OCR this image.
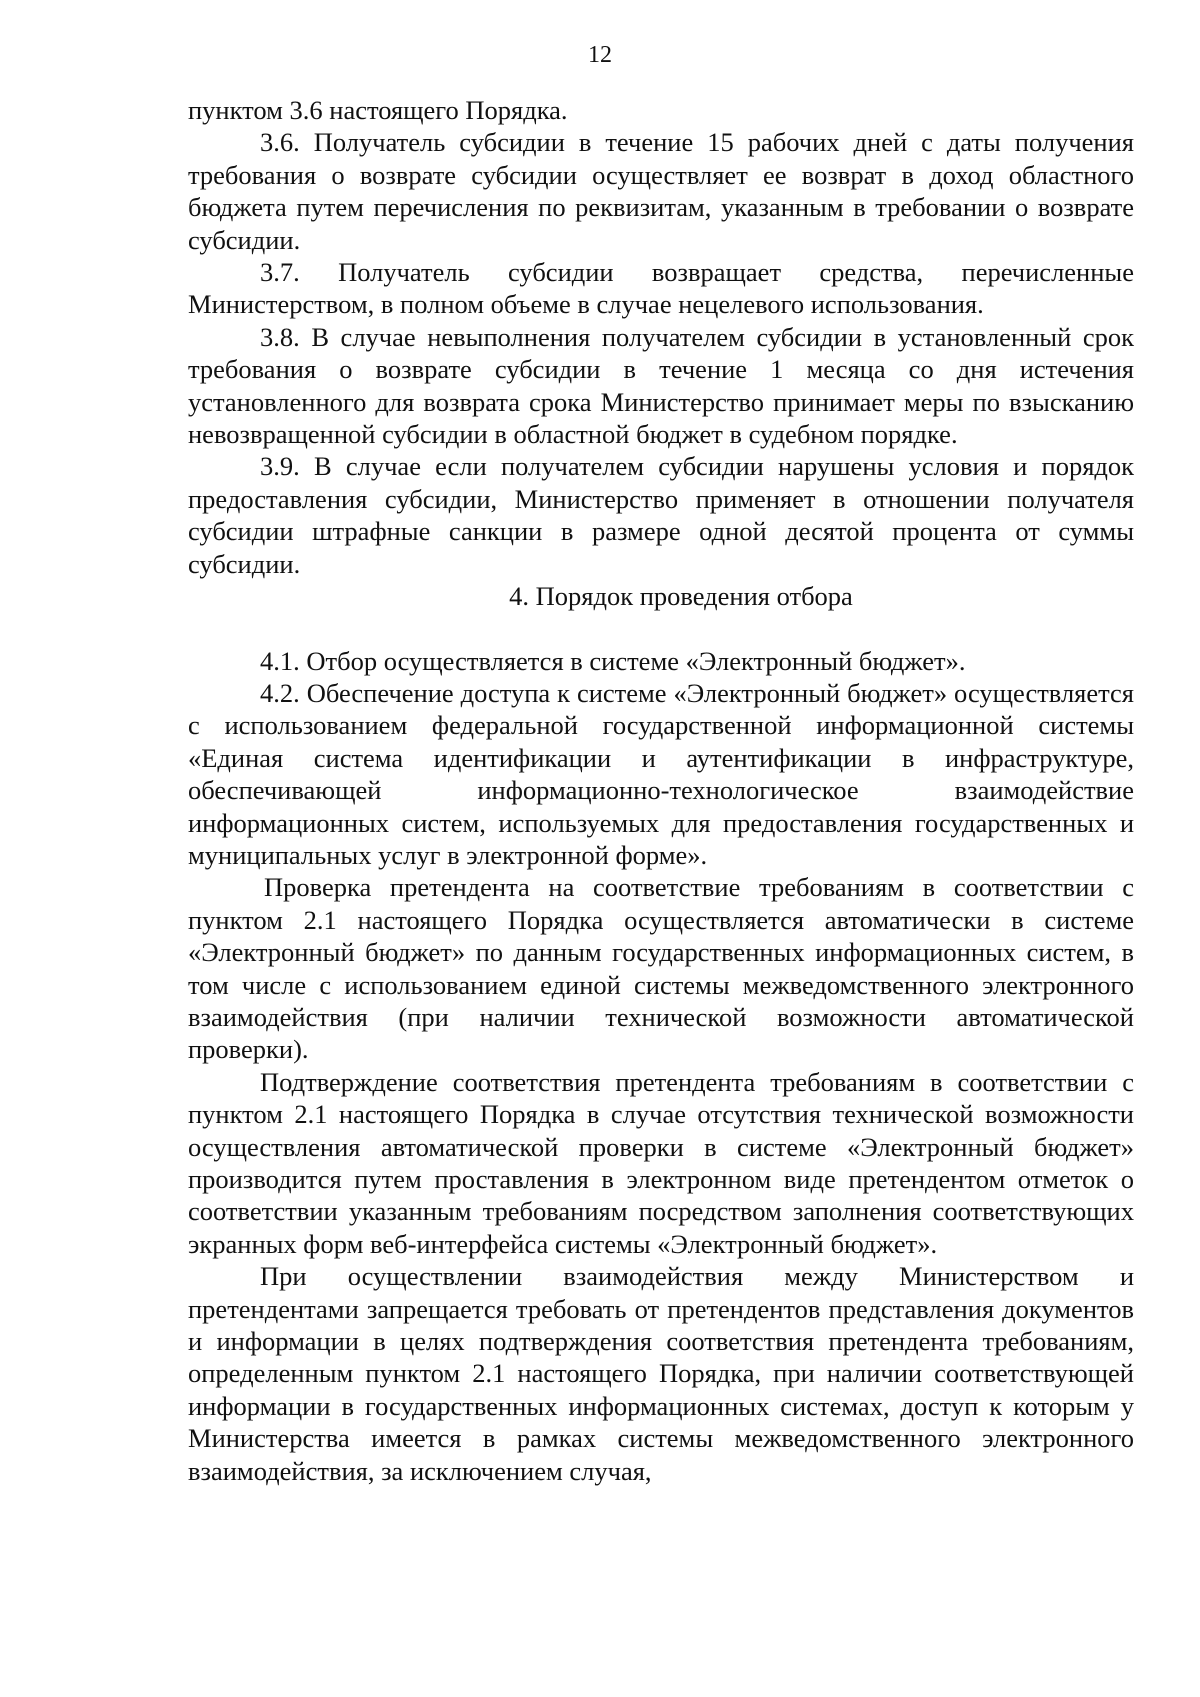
12

пунктом 3.6 настоящего Порядка.

3.6. Получатель субсидии в течение 15 рабочих дней с даты получения требования о возврате субсидии осуществляет ее возврат в доход областного бюджета путем перечисления по реквизитам, указанным в требовании о возврате субсидии.

3.7. Получатель субсидии возвращает средства, перечисленные Министерством, в полном объеме в случае нецелевого использования.

3.8. В случае невыполнения получателем субсидии в установленный срок требования о возврате субсидии в течение 1 месяца со дня истечения установленного для возврата срока Министерство принимает меры по взысканию невозвращенной субсидии в областной бюджет в судебном порядке.

3.9. В случае если получателем субсидии нарушены условия и порядок предоставления субсидии, Министерство применяет в отношении получателя субсидии штрафные санкции в размере одной десятой процента от суммы субсидии.

4. Порядок проведения отбора

4.1. Отбор осуществляется в системе «Электронный бюджет».

4.2. Обеспечение доступа к системе «Электронный бюджет» осуществляется с использованием федеральной государственной информационной системы «Единая система идентификации и аутентификации в инфраструктуре, обеспечивающей информационно-технологическое взаимодействие информационных систем, используемых для предоставления государственных и муниципальных услуг в электронной форме».

Проверка претендента на соответствие требованиям в соответствии с пунктом 2.1 настоящего Порядка осуществляется автоматически в системе «Электронный бюджет» по данным государственных информационных систем, в том числе с использованием единой системы межведомственного электронного взаимодействия (при наличии технической возможности автоматической проверки).

Подтверждение соответствия претендента требованиям в соответствии с пунктом 2.1 настоящего Порядка в случае отсутствия технической возможности осуществления автоматической проверки в системе «Электронный бюджет» производится путем проставления в электронном виде претендентом отметок о соответствии указанным требованиям посредством заполнения соответствующих экранных форм веб-интерфейса системы «Электронный бюджет».

При осуществлении взаимодействия между Министерством и претендентами запрещается требовать от претендентов представления документов и информации в целях подтверждения соответствия претендента требованиям, определенным пунктом 2.1 настоящего Порядка, при наличии соответствующей информации в государственных информационных системах, доступ к которым у Министерства имеется в рамках системы межведомственного электронного взаимодействия, за исключением случая,
